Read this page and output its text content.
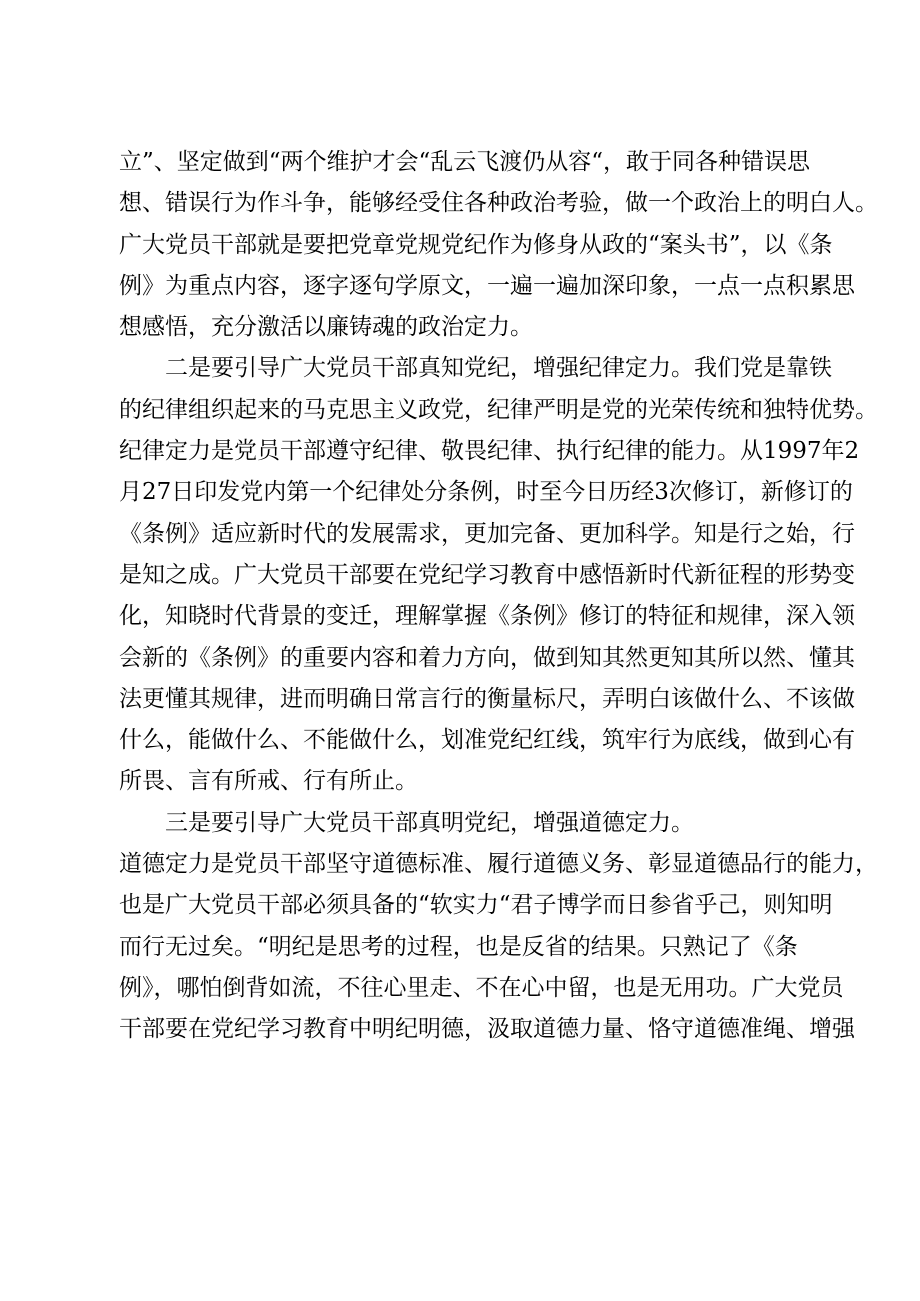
立”、坚定做到“两个维护才会“乱云飞渡仍从容“，敢于同各种错误思
想、错误行为作斗争，能够经受住各种政治考验，做一个政治上的明白人。
广大党员干部就是要把党章党规党纪作为修身从政的“案头书”，以《条
例》为重点内容，逐字逐句学原文，一遍一遍加深印象，一点一点积累思
想感悟，充分激活以廉铸魂的政治定力。
二是要引导广大党员干部真知党纪，增强纪律定力。我们党是靠铁
的纪律组织起来的马克思主义政党，纪律严明是党的光荣传统和独特优势。
纪律定力是党员干部遵守纪律、敬畏纪律、执行纪律的能力。从1997年2
月27日印发党内第一个纪律处分条例，时至今日历经3次修订，新修订的
《条例》适应新时代的发展需求，更加完备、更加科学。知是行之始，行
是知之成。广大党员干部要在党纪学习教育中感悟新时代新征程的形势变
化，知晓时代背景的变迁，理解掌握《条例》修订的特征和规律，深入领
会新的《条例》的重要内容和着力方向，做到知其然更知其所以然、懂其
法更懂其规律，进而明确日常言行的衡量标尺，弄明白该做什么、不该做
什么，能做什么、不能做什么，划准党纪红线，筑牢行为底线，做到心有
所畏、言有所戒、行有所止。
三是要引导广大党员干部真明党纪，增强道德定力。
道德定力是党员干部坚守道德标准、履行道德义务、彰显道德品行的能力，
也是广大党员干部必须具备的“软实力“君子博学而日参省乎己，则知明
而行无过矣。“明纪是思考的过程，也是反省的结果。只熟记了《条
例》，哪怕倒背如流，不往心里走、不在心中留，也是无用功。广大党员
干部要在党纪学习教育中明纪明德，汲取道德力量、恪守道德准绳、增强
